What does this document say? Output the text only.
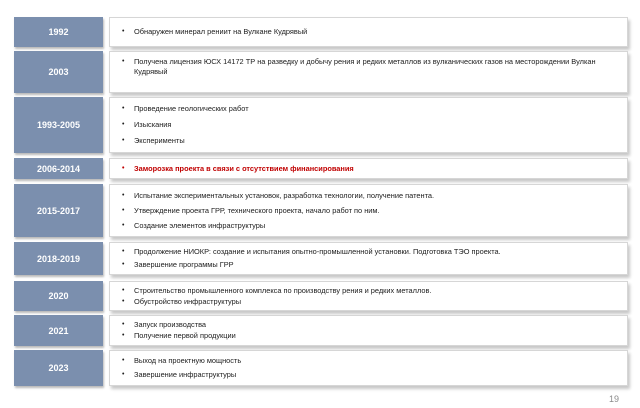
1992	• Обнаружен минерал рениит на Вулкане Кудрявый
2003
• Получена лицензия ЮСХ 14172 ТР на разведку и добычу рения и редких металлов из вулканических газов на месторождении Вулкан Кудрявый
1993-2005
• Проведение геологических работ
• Изыскания
• Эксперименты
2006-2014	• Заморозка проекта в связи с отсутствием финансирования
2015-2017
• Испытание экспериментальных установок, разработка технологии, получение патента.
• Утверждение проекта ГРР, технического проекта, начало работ по ним.
• Создание элементов инфраструктуры
2018-2019
• Продолжение НИОКР: создание и испытания опытно-промышленной установки. Подготовка ТЭО проекта.
• Завершение программы ГРР
2020
• Строительство промышленного комплекса по производству рения и редких металлов.
• Обустройство инфраструктуры
2021
• Запуск производства
• Получение первой продукции
2023
• Выход на проектную мощность
• Завершение инфраструктуры
19
